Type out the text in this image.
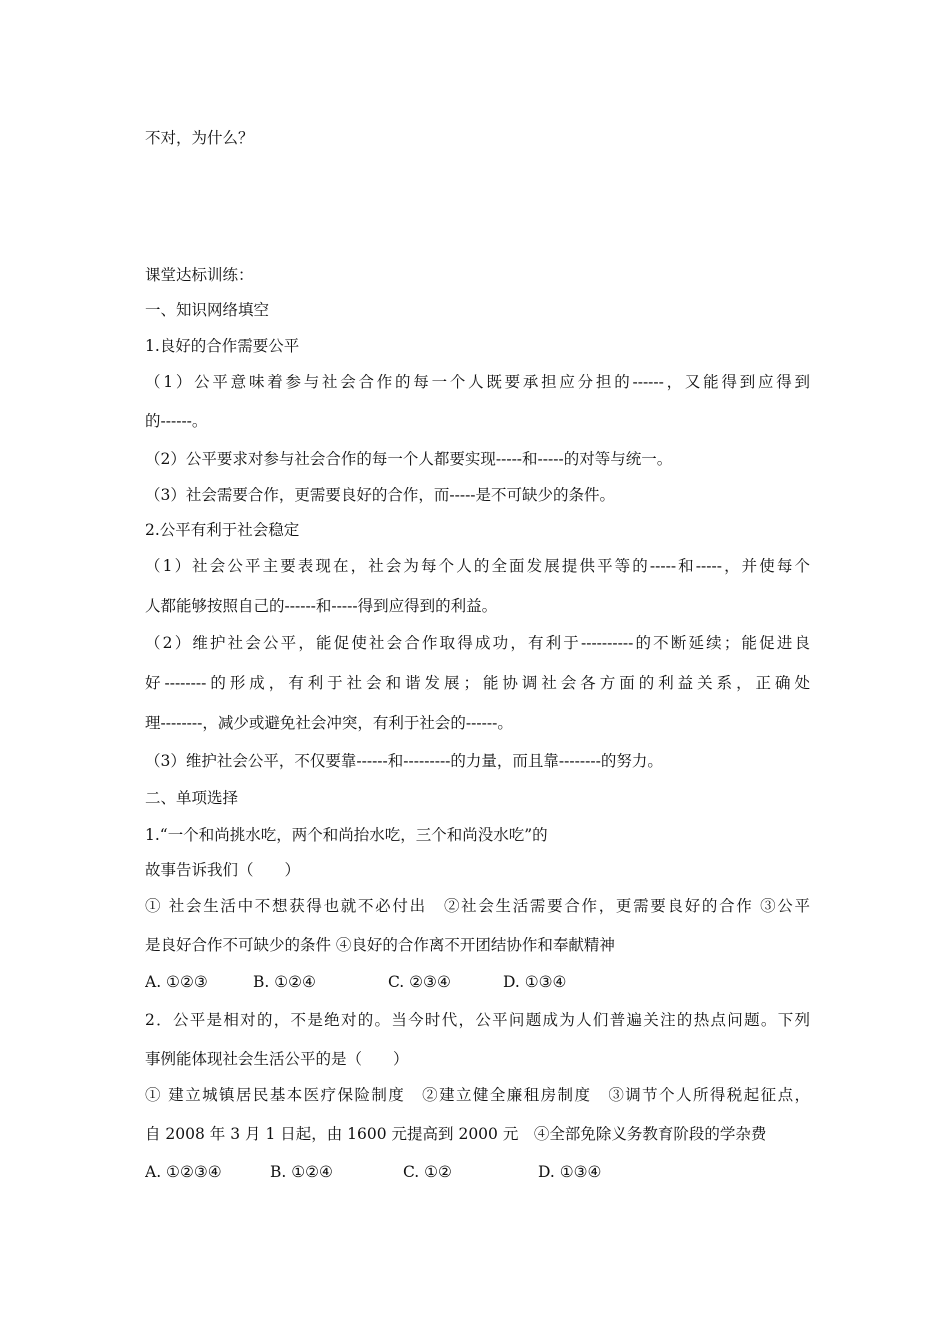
不对，为什么？
课堂达标训练：
一、知识网络填空
1.良好的合作需要公平
（1）公平意味着参与社会合作的每一个人既要承担应分担的------，又能得到应得到
的------。
（2）公平要求对参与社会合作的每一个人都要实现-----和-----的对等与统一。
（3）社会需要合作，更需要良好的合作，而-----是不可缺少的条件。
2.公平有利于社会稳定
（1）社会公平主要表现在，社会为每个人的全面发展提供平等的-----和-----，并使每个
人都能够按照自己的------和-----得到应得到的利益。
（2）维护社会公平，能促使社会合作取得成功，有利于----------的不断延续；能促进良
好--------的形成，有利于社会和谐发展；能协调社会各方面的利益关系，正确处
理--------，减少或避免社会冲突，有利于社会的------。
（3）维护社会公平，不仅要靠------和---------的力量，而且靠--------的努力。
二、单项选择
1.“一个和尚挑水吃，两个和尚抬水吃，三个和尚没水吃”的
故事告诉我们（　　）
① 社会生活中不想获得也就不必付出　②社会生活需要合作，更需要良好的合作 ③公平
是良好合作不可缺少的条件 ④良好的合作离不开团结协作和奉献精神
A. ①②③	B. ①②④	C. ②③④	D. ①③④
2．公平是相对的，不是绝对的。当今时代，公平问题成为人们普遍关注的热点问题。下列
事例能体现社会生活公平的是（　　）
① 建立城镇居民基本医疗保险制度　②建立健全廉租房制度　③调节个人所得税起征点，
自 2008 年 3 月 1 日起，由 1600 元提高到 2000 元　④全部免除义务教育阶段的学杂费
A. ①②③④	B. ①②④	C. ①②	D. ①③④
